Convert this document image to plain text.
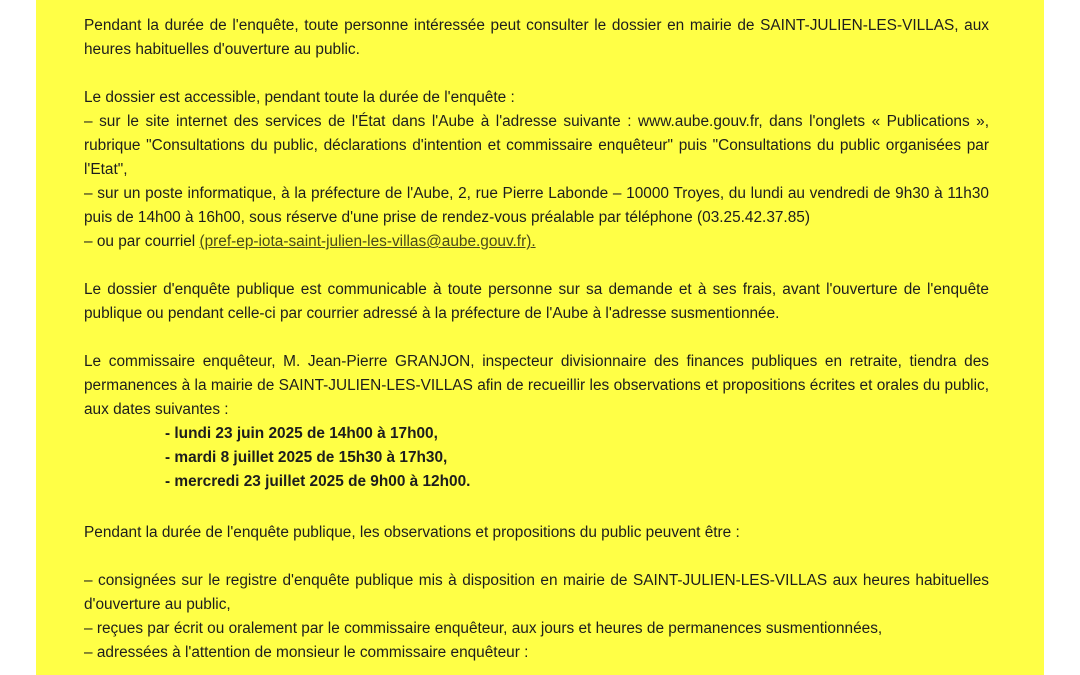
Pendant la durée de l'enquête, toute personne intéressée peut consulter le dossier en mairie de SAINT-JULIEN-LES-VILLAS, aux heures habituelles d'ouverture au public.

Le dossier est accessible, pendant toute la durée de l'enquête :

– sur le site internet des services de l'État dans l'Aube à l'adresse suivante : www.aube.gouv.fr, dans l'onglets « Publications », rubrique "Consultations du public, déclarations d'intention et commissaire enquêteur" puis "Consultations du public organisées par l'Etat",

– sur un poste informatique, à la préfecture de l'Aube, 2, rue Pierre Labonde – 10000 Troyes, du lundi au vendredi de 9h30 à 11h30 puis de 14h00 à 16h00, sous réserve d'une prise de rendez-vous préalable par téléphone (03.25.42.37.85)

– ou par courriel (pref-ep-iota-saint-julien-les-villas@aube.gouv.fr).

Le dossier d'enquête publique est communicable à toute personne sur sa demande et à ses frais, avant l'ouverture de l'enquête publique ou pendant celle-ci par courrier adressé à la préfecture de l'Aube à l'adresse susmentionnée.

Le commissaire enquêteur, M. Jean-Pierre GRANJON, inspecteur divisionnaire des finances publiques en retraite, tiendra des permanences à la mairie de SAINT-JULIEN-LES-VILLAS afin de recueillir les observations et propositions écrites et orales du public, aux dates suivantes :

- lundi 23 juin 2025 de 14h00 à 17h00,

- mardi 8 juillet 2025 de 15h30 à 17h30,

- mercredi 23 juillet 2025 de 9h00 à 12h00.

Pendant la durée de l'enquête publique, les observations et propositions du public peuvent être :

– consignées sur le registre d'enquête publique mis à disposition en mairie de SAINT-JULIEN-LES-VILLAS aux heures habituelles d'ouverture au public,

– reçues par écrit ou oralement par le commissaire enquêteur, aux jours et heures de permanences susmentionnées,

– adressées à l'attention de monsieur le commissaire enquêteur :
